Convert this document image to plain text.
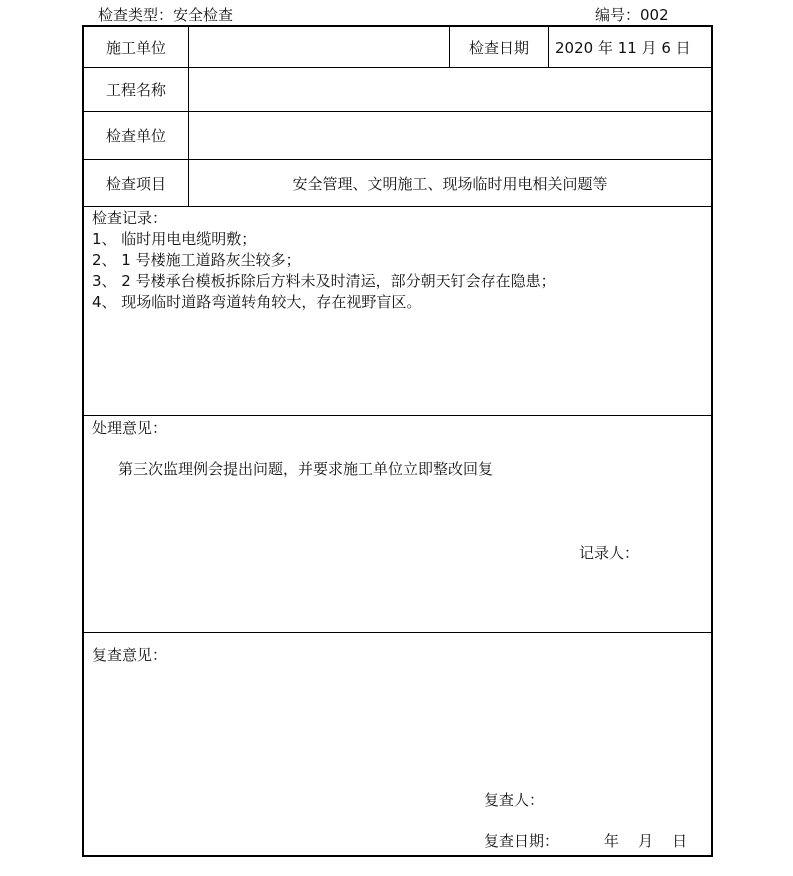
检查类型：安全检查	编号：002
施工单位	检查日期	2020 年 11 月 6 日
工程名称
检查单位
检查项目	安全管理、文明施工、现场临时用电相关问题等
检查记录：
1、 临时用电电缆明敷；
2、 1 号楼施工道路灰尘较多；
3、 2 号楼承台模板拆除后方料未及时清运，部分朝天钉会存在隐患；
4、 现场临时道路弯道转角较大，存在视野盲区。
处理意见：
第三次监理例会提出问题，并要求施工单位立即整改回复
记录人：
复查意见：
复查人：
复查日期：	年    月    日
